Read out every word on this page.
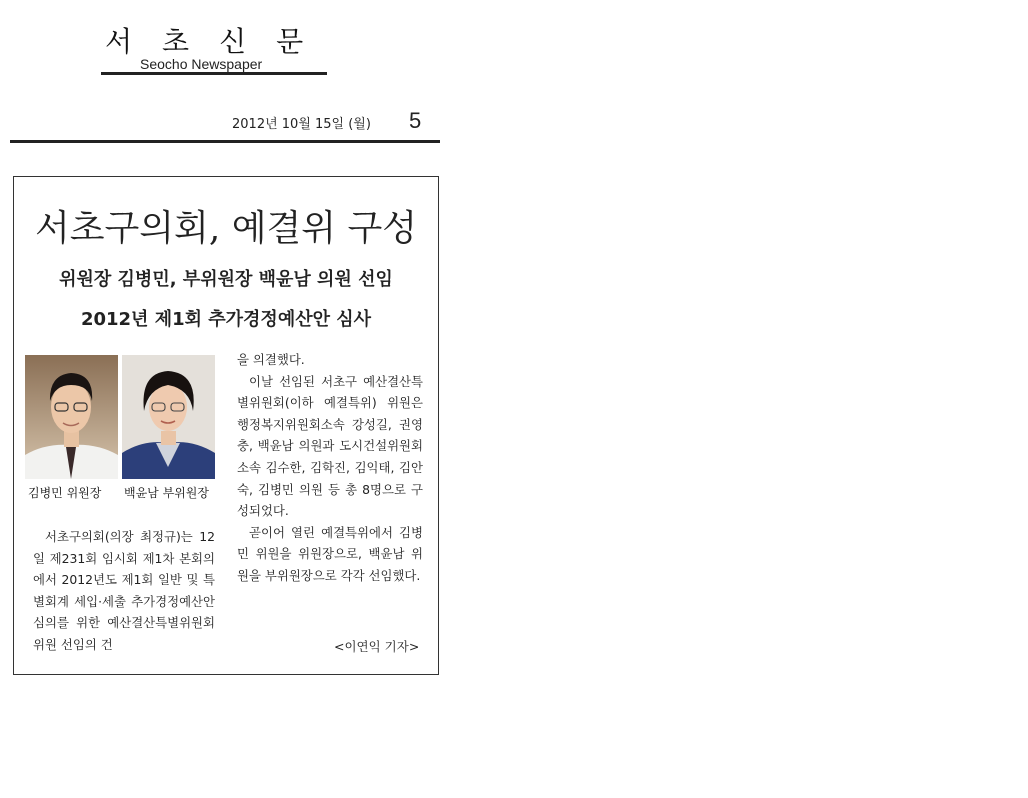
서초신문
Seocho Newspaper
2012년 10월 15일 (월) 5
서초구의회, 예결위 구성
위원장 김병민, 부위원장 백윤남 의원 선임
2012년 제1회 추가경정예산안 심사
김병민 위원장 백윤남 부위원장

서초구의회(의장 최정규)는 12일 제231회 임시회 제1차 본회의에서 2012년도 제1회 일반 및 특별회계 세입·세출 추가경정예산안 심의를 위한 예산결산특별위원회위원 선임의 건

을 의결했다.

이날 선임된 서초구 예산결산특별위원회(이하 예결특위) 위원은 행정복지위원회소속 강성길, 권영충, 백윤남 의원과 도시건설위원회 소속 김수한, 김학진, 김익태, 김안숙, 김병민 의원 등 총 8명으로 구성되었다.

곧이어 열린 예결특위에서 김병민 위원을 위원장으로, 백윤남 위원을 부위원장으로 각각 선임했다.

<이연익 기자>
